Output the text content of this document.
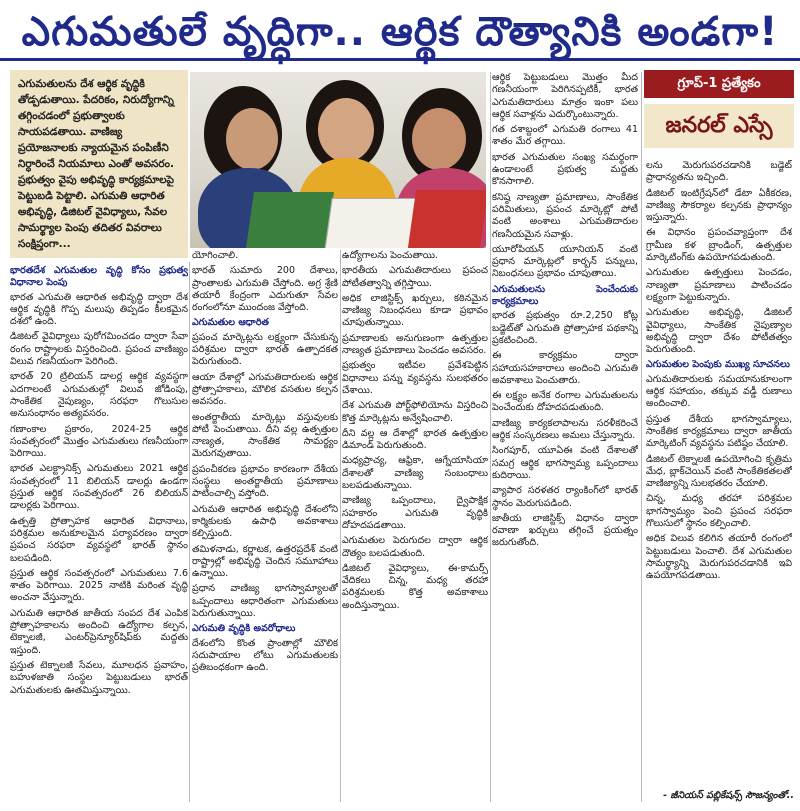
ఎగుమతులే వృద్ధిగా.. ఆర్థిక దౌత్యానికి అండగా!
ఎగుమతులను దేశ ఆర్థిక వృద్ధికి తోడ్పడుతాయి. పేదరికం, నిరుద్యోగాన్ని తగ్గించడంలో ప్రభుత్వాలకు సాయపడతాయి. వాణిజ్య ప్రయోజనాలకు న్యాయమైన పంపిణీని నిర్ధారించే నియమాలు ఎంతో అవసరం. ప్రభుత్వం వైపు అభివృద్ధి కార్యక్రమాలపై పెట్టుబడి పెట్టాలి. ఎగుమతి ఆధారిత అభివృద్ధి, డిజిటల్ వైవిధ్యాలు, సేవల సామర్థ్యాల పెంపు తదితర వివరాలు సంక్షిప్తంగా...

భారతదేశ ఎగుమతుల వృద్ధి కోసం ప్రభుత్వ విధానాల పెంపు

భారత ఎగుమతి ఆధారిత అభివృద్ధి ద్వారా దేశ ఆర్థిక వృద్ధికి గొప్ప మలుపు తిప్పడం కీలకమైన దశలో ఉంది.

డిజిటల్ వైవిధ్యాలు పురోగమించడం ద్వారా సేవా రంగం రాష్ట్రాలకు విస్తరించింది. ప్రపంచ వాణిజ్యం విలువ గణనీయంగా పెరిగింది.

భారత్ 20 ట్రిలియన్ డాలర్ల ఆర్థిక వ్యవస్థగా ఎదగాలంటే ఎగుమతుల్లో విలువ జోడింపు, సాంకేతిక నైపుణ్యం, సరఫరా గొలుసుల అనుసంధానం అత్యవసరం.

గణాంకాల ప్రకారం, 2024-25 ఆర్థిక సంవత్సరంలో మొత్తం ఎగుమతులు గణనీయంగా పెరిగాయి.

భారత ఎలక్ట్రానిక్స్ ఎగుమతులు 2021 ఆర్థిక సంవత్సరంలో 11 బిలియన్ డాలర్లు ఉండగా ప్రస్తుత ఆర్థిక సంవత్సరంలో 26 బిలియన్ డాలర్లకు పెరిగాయి.

ఉత్పత్తి ప్రోత్సాహక ఆధారిత విధానాలు, పరిశ్రమల అనుకూలమైన పర్యావరణం ద్వారా ప్రపంచ సరఫరా వ్యవస్థలో భారత్ స్థానం బలపడింది.

ప్రస్తుత ఆర్థిక సంవత్సరంలో ఎగుమతులు 7.6 శాతం పెరిగాయి. 2025 నాటికి మరింత వృద్ధి అంచనా వేస్తున్నారు.

ఎగుమతి ఆధారిత జాతీయ సంపద దేశ ఎంపిక ప్రోత్సాహకాలను అందించి ఉద్యోగాల కల్పన, టెక్నాలజీ, ఎంటర్‌ప్రెన్యూర్‌షిప్‌కు మద్దతు ఇస్తుంది.

ప్రస్తుత టెక్నాలజీ సేవలు, మూలధన ప్రవాహం, బహుళజాతి సంస్థల పెట్టుబడులు భారత్ ఎగుమతులకు ఊతమిస్తున్నాయి.

యోగించాలి.

భారత్ సుమారు 200 దేశాలు, ప్రాంతాలకు ఎగుమతి చేస్తోంది. అగ్ర శ్రేణి తయారీ కేంద్రంగా ఎదుగుతూ సేవల రంగంలోనూ ముందంజ వేస్తోంది.

ఎగుమతుల ఆధారిత

ప్రపంచ మార్కెట్లను లక్ష్యంగా చేసుకున్న పరిశ్రమల ద్వారా భారత్ ఉత్పాదకత పెరుగుతుంది.

ఆయా దేశాల్లో ఎగుమతిదారులకు ఆర్థిక ప్రోత్సాహకాలు, మౌలిక వసతుల కల్పన అవసరం.

అంతర్జాతీయ మార్కెట్లు వస్తువులకు పోటీ పెంచుతాయి. దీని వల్ల ఉత్పత్తుల నాణ్యత, సాంకేతిక సామర్థ్యం మెరుగవుతాయి.

ప్రపంచీకరణ ప్రభావం కారణంగా దేశీయ సంస్థలు అంతర్జాతీయ ప్రమాణాలు పాటించాల్సి వస్తోంది.

ఎగుమతి ఆధారిత అభివృద్ధి దేశంలోని కార్మికులకు ఉపాధి అవకాశాలు కల్పిస్తుంది.

తమిళనాడు, కర్ణాటక, ఉత్తరప్రదేశ్ వంటి రాష్ట్రాల్లో అభివృద్ధి చెందిన సమూహాలు ఉన్నాయి.

ప్రధాన వాణిజ్య భాగస్వామ్యాలతో ఒప్పందాలు ఆధారితంగా ఎగుమతులు పెరుగుతున్నాయి.

ఎగుమతి వృద్ధికి అవరోధాలు

దేశంలోని కొంత ప్రాంతాల్లో మౌలిక సదుపాయాల లోటు ఎగుమతులకు ప్రతిబంధకంగా ఉంది.

ఉద్యోగాలను పెంచుతాయి.

భారతీయ ఎగుమతిదారులు ప్రపంచ పోటీతత్వాన్ని తగ్గిస్తాయి.

అధిక లాజిస్టిక్స్ ఖర్చులు, కఠినమైన వాణిజ్య నిబంధనలు కూడా ప్రభావం చూపుతున్నాయి.

ప్రమాణాలకు అనుగుణంగా ఉత్పత్తుల నాణ్యత ప్రమాణాలు పెంచడం అవసరం.

ప్రభుత్వం ఇటీవల ప్రవేశపెట్టిన విధానాలు పన్ను వ్యవస్థను సులభతరం చేశాయి.

దేశ ఎగుమతి పోర్ట్‌ఫోలియోను విస్తరించి కొత్త మార్కెట్లను అన్వేషించాలి.

దీని వల్ల ఆ దేశాల్లో భారత ఉత్పత్తుల డిమాండ్ పెరుగుతుంది.

మధ్యప్రాచ్య, ఆఫ్రికా, ఆగ్నేయాసియా దేశాలతో వాణిజ్య సంబంధాలు బలపడుతున్నాయి.

వాణిజ్య ఒప్పందాలు, ద్వైపాక్షిక సహకారం ఎగుమతి వృద్ధికి దోహదపడతాయి.

ఎగుమతుల పెరుగుదల ద్వారా ఆర్థిక దౌత్యం బలపడుతుంది.

డిజిటల్ వైవిధ్యాలు, ఈ-కామర్స్ వేదికలు చిన్న, మధ్య తరహా పరిశ్రమలకు కొత్త అవకాశాలు అందిస్తున్నాయి.

ఆర్థిక పెట్టుబడులు మొత్తం మీద గణనీయంగా పెరిగినప్పటికీ, భారత ఎగుమతిదారులు మాత్రం ఇంకా పలు ఆర్థిక సవాళ్లను ఎదుర్కొంటున్నారు.

గత దశాబ్దంలో ఎగుమతి రంగాలు 41 శాతం మేర తగ్గాయి.

భారత ఎగుమతుల సంఖ్య సమర్థంగా ఉండాలంటే ప్రభుత్వ మద్దతు కొనసాగాలి.

కనిష్ఠ నాణ్యతా ప్రమాణాలు, సాంకేతిక పరిమితులు, ప్రపంచ మార్కెట్లో పోటీ వంటి అంశాలు ఎగుమతిదారుల గణనీయమైన సవాళ్లు.

యూరోపియన్ యూనియన్ వంటి ప్రధాన మార్కెట్లలో కార్బన్ పన్నులు, నిబంధనలు ప్రభావం చూపుతాయి.

ఎగుమతులను పెంచేందుకు కార్యక్రమాలు

భారత ప్రభుత్వం రూ.2,250 కోట్ల బడ్జెట్‌తో ఎగుమతి ప్రోత్సాహక పథకాన్ని ప్రకటించింది.

ఈ కార్యక్రమం ద్వారా సహాయసహకారాలు అందించి ఎగుమతి అవకాశాలు పెంచుతారు.

ఈ లక్ష్యం అనేక రంగాల ఎగుమతులను పెంచేందుకు దోహదపడుతుంది.

వాణిజ్య కార్యకలాపాలను సరళీకరించే ఆర్థిక సంస్కరణలు అమలు చేస్తున్నారు.

సింగపూర్, యూఏఈ వంటి దేశాలతో సమగ్ర ఆర్థిక భాగస్వామ్య ఒప్పందాలు కుదిరాయి.

వ్యాపార సరళతర ర్యాంకింగ్‌లో భారత్ స్థానం మెరుగుపడింది.

జాతీయ లాజిస్టిక్స్ విధానం ద్వారా రవాణా ఖర్చులు తగ్గించే ప్రయత్నం జరుగుతోంది.

గ్రూప్-1 ప్రత్యేకం
జనరల్ ఎస్సే

లను మెరుగుపరచడానికి బడ్జెట్ ప్రాధాన్యతను ఇచ్చింది.

డిజిటల్ ఇంటిగ్రేషన్‌లో డేటా ఏకీకరణ, వాణిజ్య సౌకర్యాల కల్పనకు ప్రాధాన్యం ఇస్తున్నారు.

ఈ విధానం ప్రపంచవ్యాప్తంగా దేశ గ్రామీణ కళ బ్రాండింగ్, ఉత్పత్తుల మార్కెటింగ్‌కు ఉపయోగపడుతుంది.

ఎగుమతుల ఉత్పత్తులు పెంచడం, నాణ్యతా ప్రమాణాలు పాటించడం లక్ష్యంగా పెట్టుకున్నారు.

ఎగుమతుల అభివృద్ధి, డిజిటల్ వైవిధ్యాలు, సాంకేతిక నైపుణ్యాల అభివృద్ధి ద్వారా దేశం పోటీతత్వం పెరుగుతుంది.

ఎగుమతుల పెంపుకు ముఖ్య సూచనలు

ఎగుమతిదారులకు సమయానుకూలంగా ఆర్థిక సహాయం, తక్కువ వడ్డీ రుణాలు అందించాలి.

ప్రస్తుత దేశీయ భాగస్వామ్యాలు, సాంకేతిక కార్యక్రమాలు ద్వారా జాతీయ మార్కెటింగ్ వ్యవస్థను పటిష్ఠం చేయాలి.

డిజిటల్ టెక్నాలజీ ఉపయోగించి కృత్రిమ మేధ, బ్లాక్‌చెయిన్ వంటి సాంకేతికతలతో వాణిజ్యాన్ని సులభతరం చేయాలి.

చిన్న, మధ్య తరహా పరిశ్రమల భాగస్వామ్యం పెంచి ప్రపంచ సరఫరా గొలుసులో స్థానం కల్పించాలి.

అధిక విలువ కలిగిన తయారీ రంగంలో పెట్టుబడులు పెంచాలి. దేశ ఎగుమతుల సామర్థ్యాన్ని మెరుగుపరచడానికి ఇవి ఉపయోగపడతాయి.

- జీనియస్ పబ్లికేషన్స్ సౌజన్యంతో..
